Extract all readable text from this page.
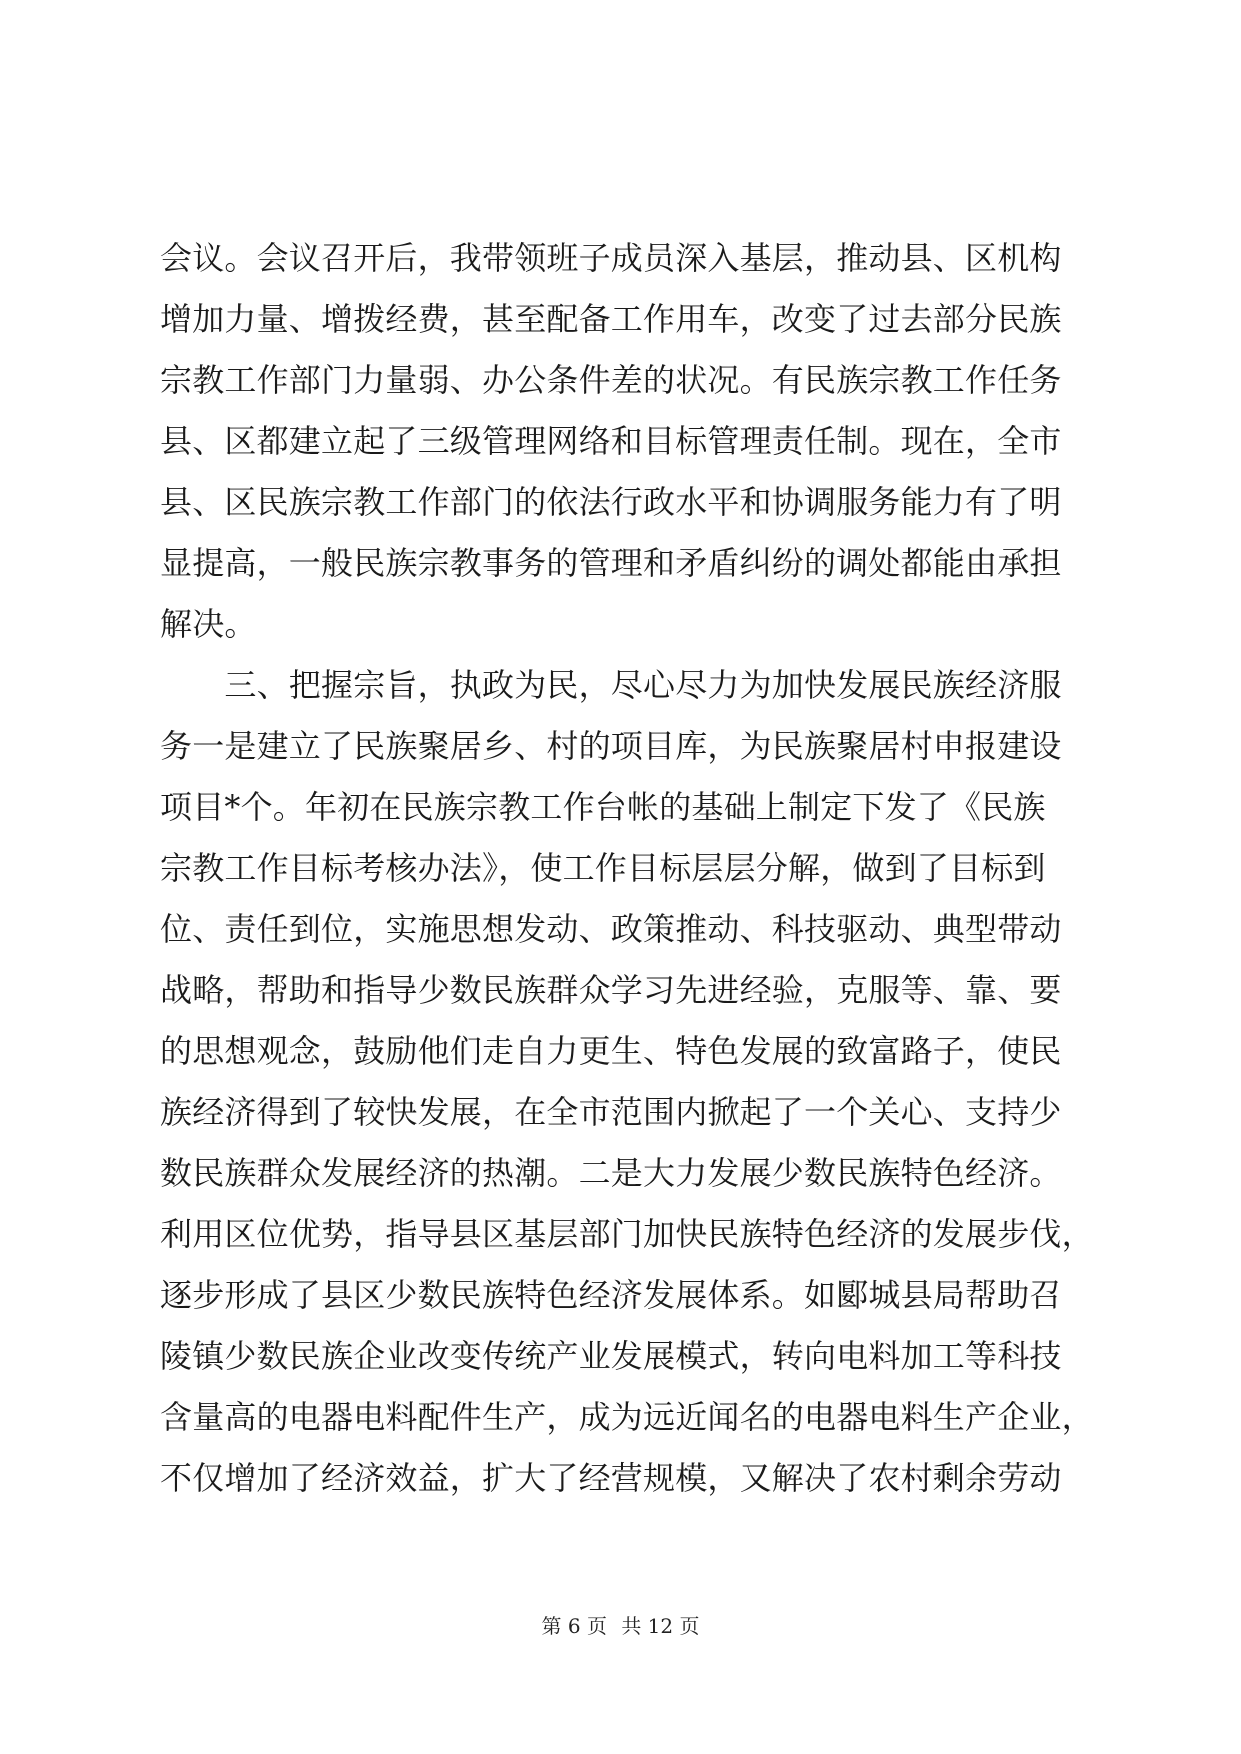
会议。会议召开后，我带领班子成员深入基层，推动县、区机构
增加力量、增拨经费，甚至配备工作用车，改变了过去部分民族
宗教工作部门力量弱、办公条件差的状况。有民族宗教工作任务
县、区都建立起了三级管理网络和目标管理责任制。现在，全市
县、区民族宗教工作部门的依法行政水平和协调服务能力有了明
显提高，一般民族宗教事务的管理和矛盾纠纷的调处都能由承担
解决。
　　三、把握宗旨，执政为民，尽心尽力为加快发展民族经济服
务一是建立了民族聚居乡、村的项目库，为民族聚居村申报建设
项目*个。年初在民族宗教工作台帐的基础上制定下发了《民族
宗教工作目标考核办法》，使工作目标层层分解，做到了目标到
位、责任到位，实施思想发动、政策推动、科技驱动、典型带动
战略，帮助和指导少数民族群众学习先进经验，克服等、靠、要
的思想观念，鼓励他们走自力更生、特色发展的致富路子，使民
族经济得到了较快发展，在全市范围内掀起了一个关心、支持少
数民族群众发展经济的热潮。二是大力发展少数民族特色经济。
利用区位优势，指导县区基层部门加快民族特色经济的发展步伐，
逐步形成了县区少数民族特色经济发展体系。如郾城县局帮助召
陵镇少数民族企业改变传统产业发展模式，转向电料加工等科技
含量高的电器电料配件生产，成为远近闻名的电器电料生产企业，
不仅增加了经济效益，扩大了经营规模，又解决了农村剩余劳动
第 6 页 共 12 页
